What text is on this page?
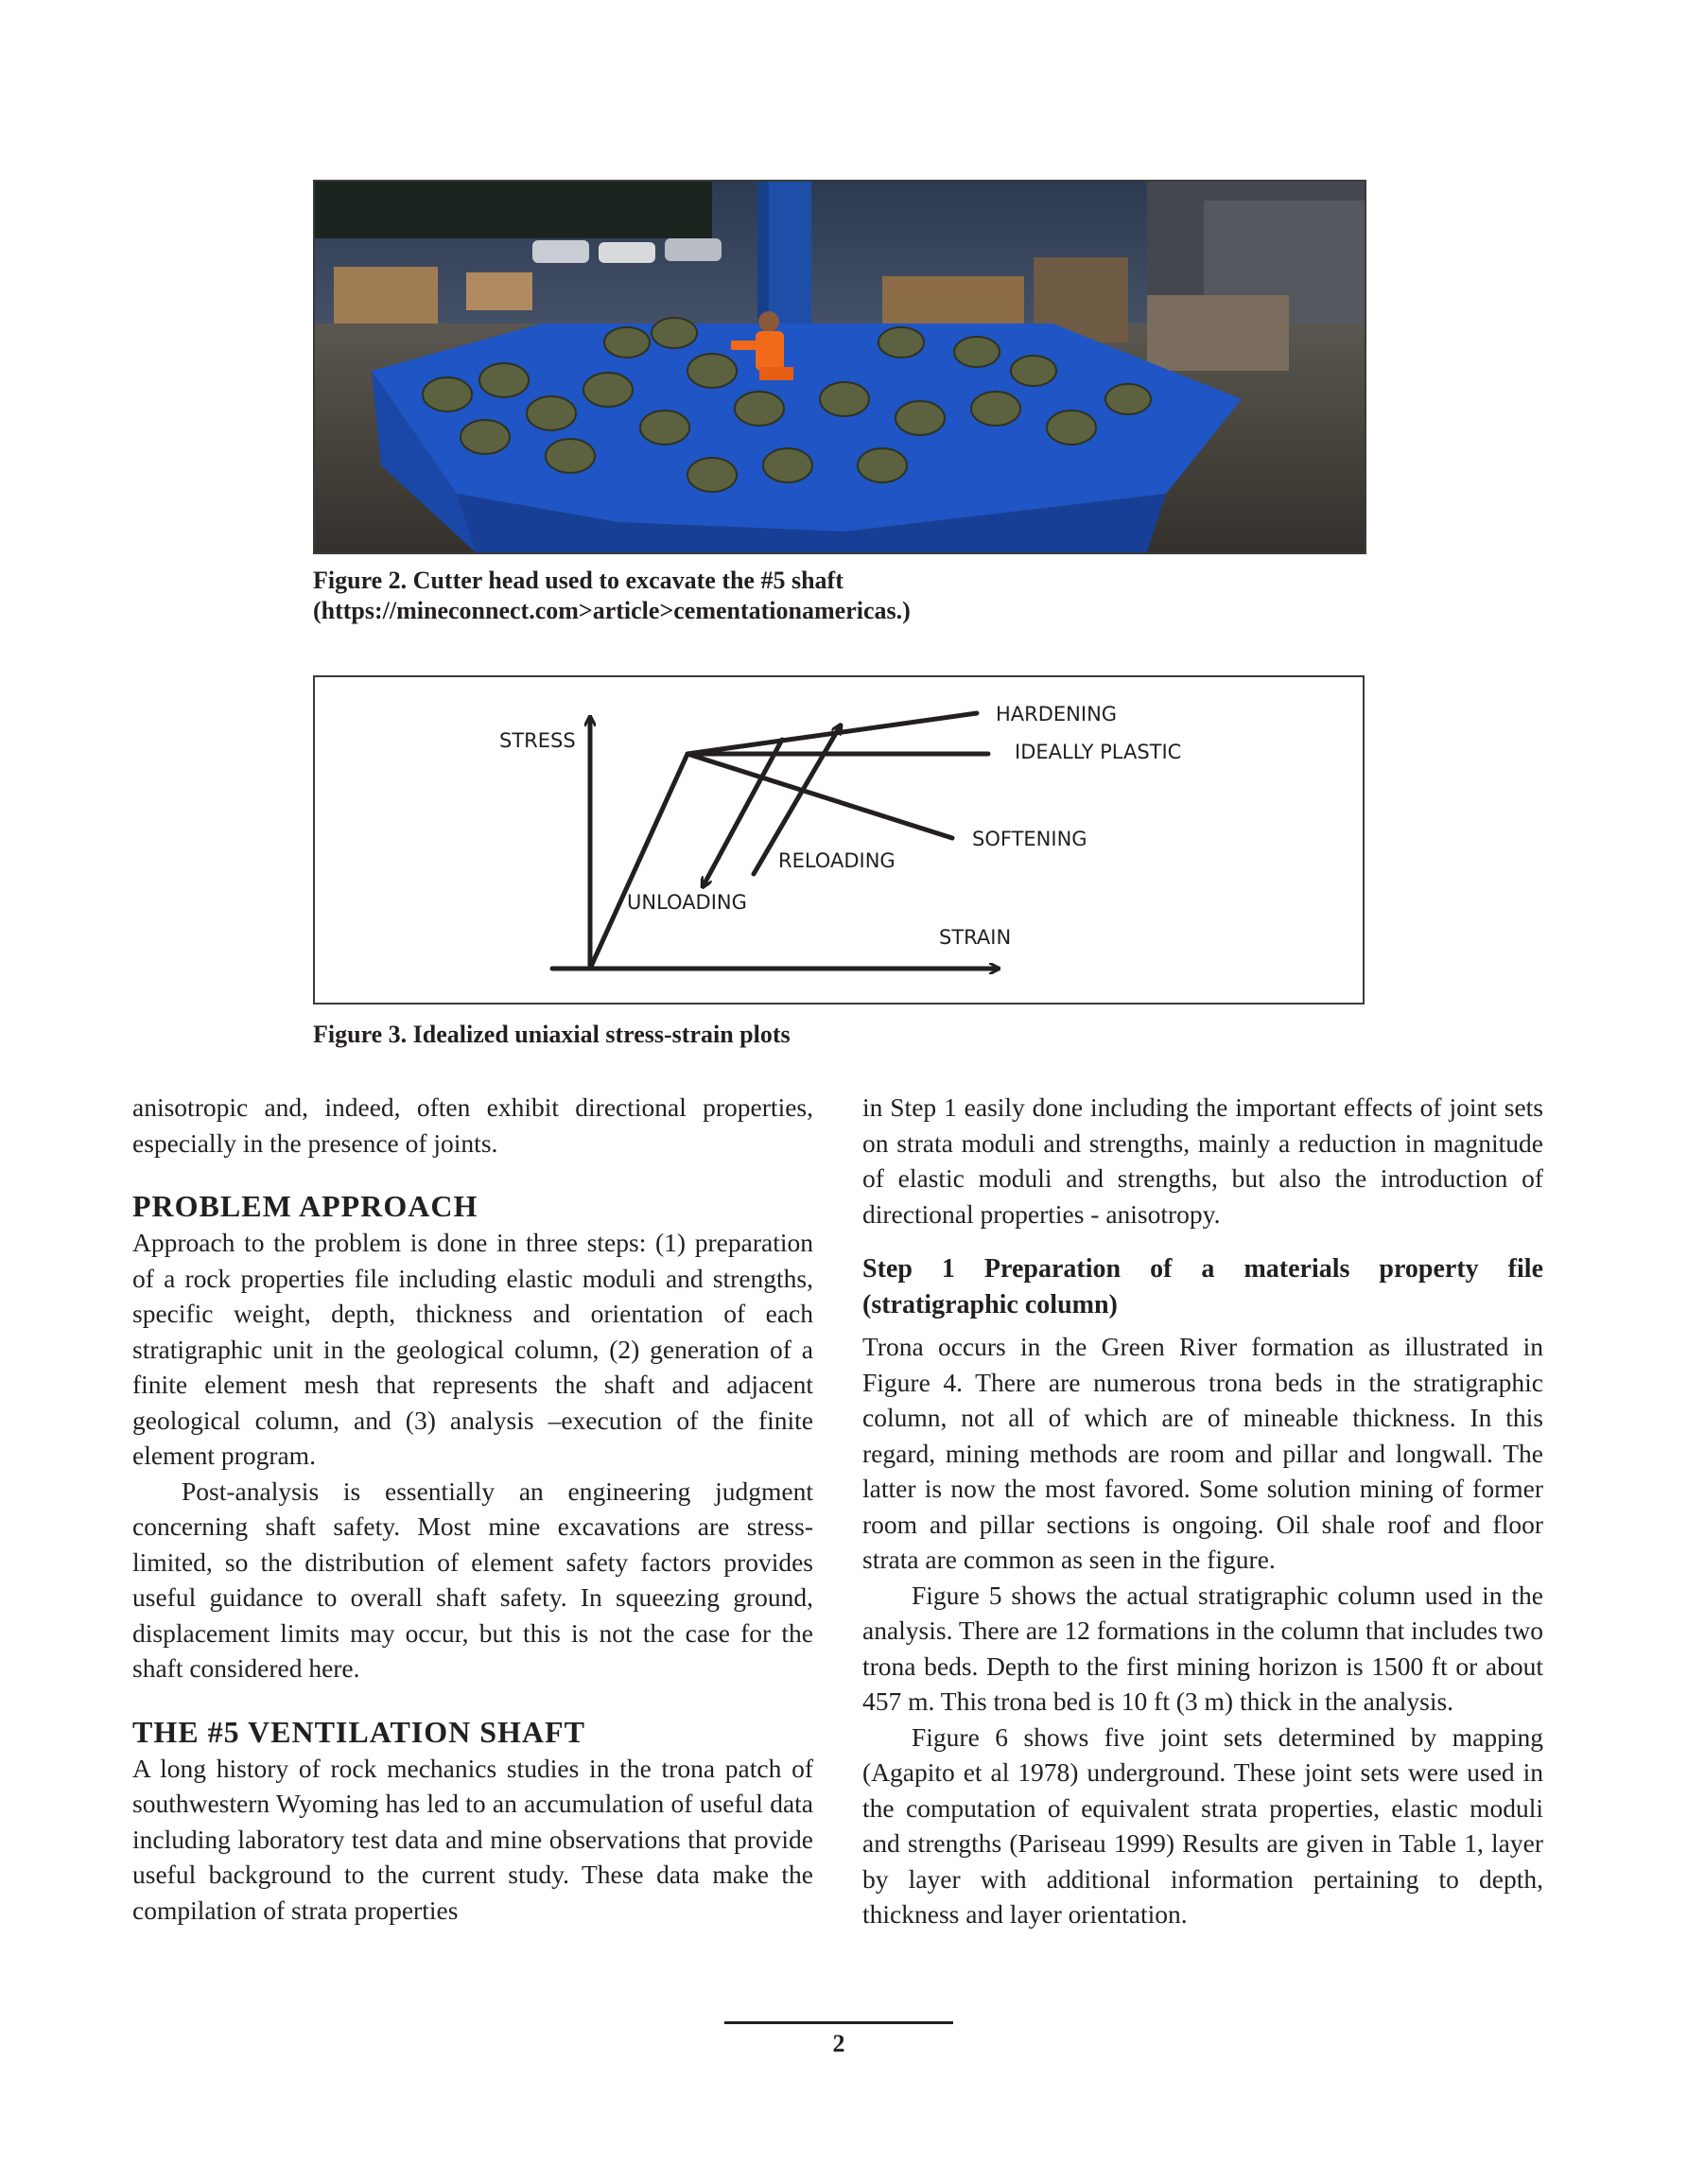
Figure 2. Cutter head used to excavate the #5 shaft (https://mineconnect.com>article>cementationamericas.)
STRESS
HARDENING
IDEALLY PLASTIC
SOFTENING
RELOADING
UNLOADING
STRAIN
Figure 3. Idealized uniaxial stress-strain plots

anisotropic and, indeed, often exhibit directional properties, especially in the presence of joints.

PROBLEM APPROACH

Approach to the problem is done in three steps: (1) preparation of a rock properties file including elastic moduli and strengths, specific weight, depth, thickness and orientation of each stratigraphic unit in the geological column, (2) generation of a finite element mesh that represents the shaft and adjacent geological column, and (3) analysis –execution of the finite element program.

Post-analysis is essentially an engineering judgment concerning shaft safety. Most mine excavations are stress-limited, so the distribution of element safety factors provides useful guidance to overall shaft safety. In squeezing ground, displacement limits may occur, but this is not the case for the shaft considered here.

THE #5 VENTILATION SHAFT

A long history of rock mechanics studies in the trona patch of southwestern Wyoming has led to an accumulation of useful data including laboratory test data and mine observations that provide useful background to the current study. These data make the compilation of strata properties

in Step 1 easily done including the important effects of joint sets on strata moduli and strengths, mainly a reduction in magnitude of elastic moduli and strengths, but also the introduction of directional properties - anisotropy.

Step 1 Preparation of a materials property file (stratigraphic column)

Trona occurs in the Green River formation as illustrated in Figure 4. There are numerous trona beds in the stratigraphic column, not all of which are of mineable thickness. In this regard, mining methods are room and pillar and longwall. The latter is now the most favored. Some solution mining of former room and pillar sections is ongoing. Oil shale roof and floor strata are common as seen in the figure.

Figure 5 shows the actual stratigraphic column used in the analysis. There are 12 formations in the column that includes two trona beds. Depth to the first mining horizon is 1500 ft or about 457 m. This trona bed is 10 ft (3 m) thick in the analysis.

Figure 6 shows five joint sets determined by mapping (Agapito et al 1978) underground. These joint sets were used in the computation of equivalent strata properties, elastic moduli and strengths (Pariseau 1999) Results are given in Table 1, layer by layer with additional information pertaining to depth, thickness and layer orientation.

2
